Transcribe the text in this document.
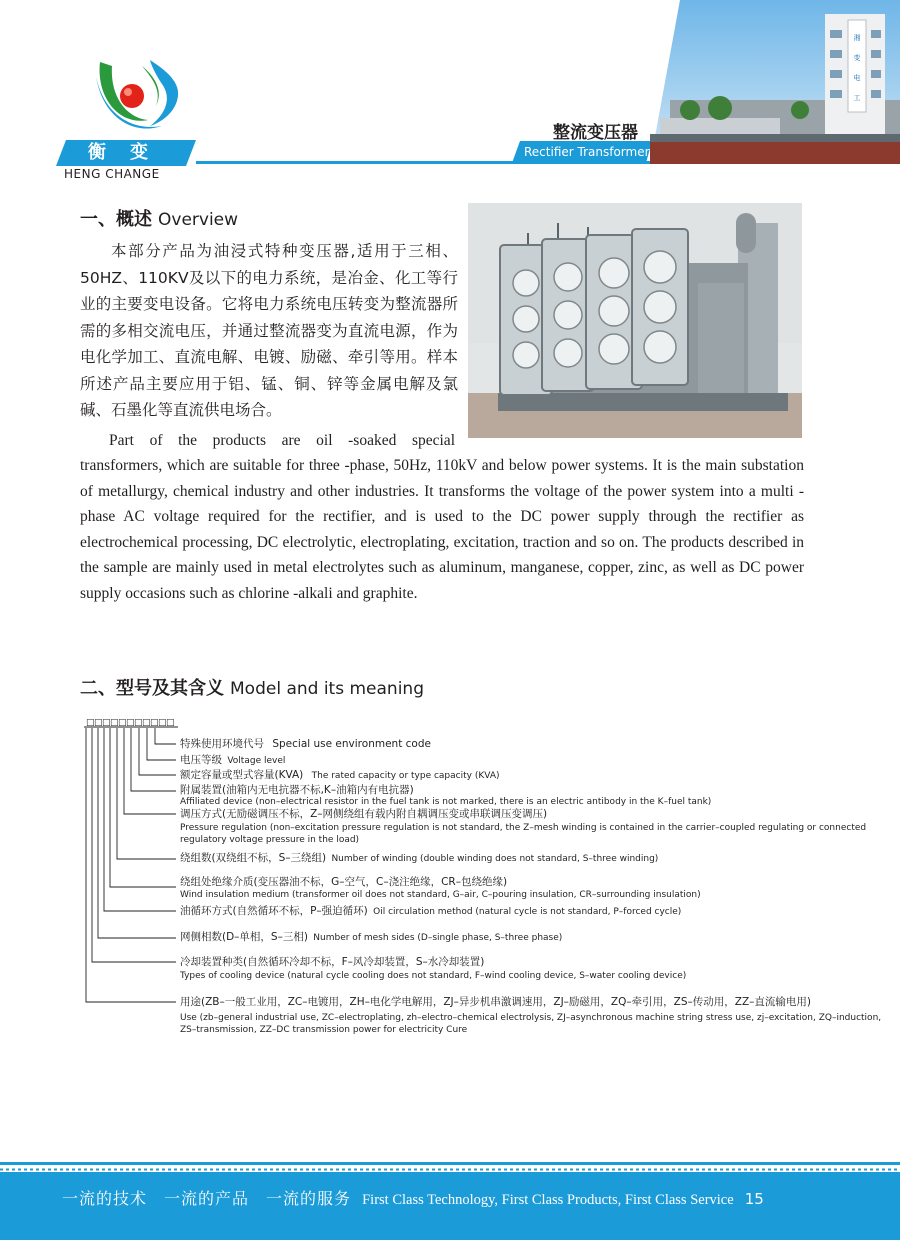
衡变
HENG CHANGE
整流变压器
Rectifier Transformer
湘
变
电
工
一、概述 Overview

本部分产品为油浸式特种变压器,适用于三相、50HZ、110KV及以下的电力系统，是冶金、化工等行业的主要变电设备。它将电力系统电压转变为整流器所需的多相交流电压，并通过整流器变为直流电源，作为电化学加工、直流电解、电镀、励磁、牵引等用。样本所述产品主要应用于铝、锰、铜、锌等金属电解及氯碱、石墨化等直流供电场合。

Part of the products are oil -soaked special

transformers, which are suitable for three -phase, 50Hz, 110kV and below power systems. It is the main substation of metallurgy, chemical industry and other industries. It transforms the voltage of the power system into a multi -phase AC voltage required for the rectifier, and is used to the DC power supply through the rectifier as electrochemical processing, DC electrolytic, electroplating, excitation, traction and so on. The products described in the sample are mainly used in metal electrolytes such as aluminum, manganese, copper, zinc, as well as DC power supply occasions such as chlorine -alkali and graphite.

二、型号及其含义 Model and its meaning
□□□□□□□□□□□
特殊使用环境代号 Special use environment code
电压等级 Voltage level
额定容量或型式容量(KVA) The rated capacity or type capacity (KVA)
附属装置(油箱内无电抗器不标,K–油箱内有电抗器)
Affiliated device (non–electrical resistor in the fuel tank is not marked, there is an electric antibody in the K–fuel tank)
调压方式(无励磁调压不标，Z–网侧绕组有载内附自耦调压变或串联调压变调压)
Pressure regulation (non–excitation pressure regulation is not standard, the Z–mesh winding is contained in the carrier–coupled regulating or connected
regulatory voltage pressure in the load)
绕组数(双绕组不标，S–三绕组) Number of winding (double winding does not standard, S–three winding)
绕组处绝缘介质(变压器油不标，G–空气，C–浇注绝缘，CR–包绕绝缘)
Wind insulation medium (transformer oil does not standard, G–air, C–pouring insulation, CR–surrounding insulation)
油循环方式(自然循环不标，P–强迫循环) Oil circulation method (natural cycle is not standard, P–forced cycle)
网侧相数(D–单相，S–三相) Number of mesh sides (D–single phase, S–three phase)
冷却装置种类(自然循环冷却不标，F–风冷却装置，S–水冷却装置)
Types of cooling device (natural cycle cooling does not standard, F–wind cooling device, S–water cooling device)
用途(ZB–一般工业用，ZC–电镀用，ZH–电化学电解用，ZJ–异步机串激调速用，ZJ–励磁用，ZQ–牵引用，ZS–传动用，ZZ–直流输电用)
Use (zb–general industrial use, ZC–electroplating, zh–electro–chemical electrolysis, ZJ–asynchronous machine string stress use, zj–excitation, ZQ–induction,
ZS–transmission, ZZ–DC transmission power for electricity Cure
一流的技术　一流的产品　一流的服务 First Class Technology, First Class Products, First Class Service 15
